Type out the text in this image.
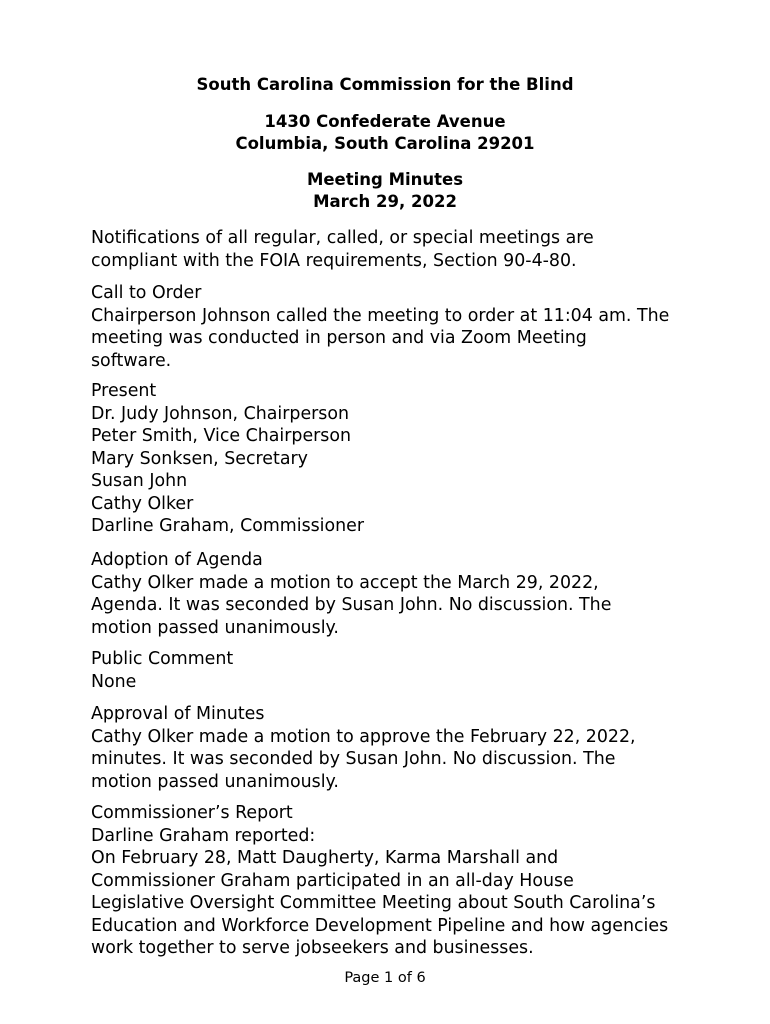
South Carolina Commission for the Blind
1430 Confederate Avenue
Columbia, South Carolina 29201
Meeting Minutes
March 29, 2022
Notifications of all regular, called, or special meetings are
compliant with the FOIA requirements, Section 90-4-80.
Call to Order
Chairperson Johnson called the meeting to order at 11:04 am. The
meeting was conducted in person and via Zoom Meeting
software.
Present
Dr. Judy Johnson, Chairperson
Peter Smith, Vice Chairperson
Mary Sonksen, Secretary
Susan John
Cathy Olker
Darline Graham, Commissioner
Adoption of Agenda
Cathy Olker made a motion to accept the March 29, 2022,
Agenda. It was seconded by Susan John. No discussion. The
motion passed unanimously.
Public Comment
None
Approval of Minutes
Cathy Olker made a motion to approve the February 22, 2022,
minutes. It was seconded by Susan John. No discussion. The
motion passed unanimously.
Commissioner’s Report
Darline Graham reported:
On February 28, Matt Daugherty, Karma Marshall and
Commissioner Graham participated in an all-day House
Legislative Oversight Committee Meeting about South Carolina’s
Education and Workforce Development Pipeline and how agencies
work together to serve jobseekers and businesses.
Page 1 of 6
